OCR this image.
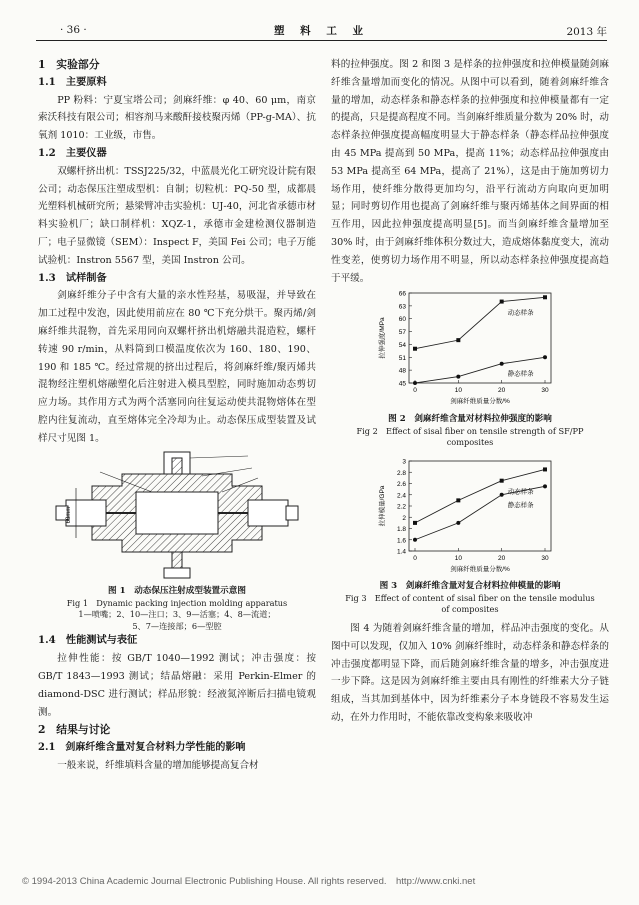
· 36 ·	塑 料 工 业	2013 年

1　实验部分

1.1　主要原料

PP 粉料：宁夏宝塔公司；剑麻纤维：φ 40、60 μm，南京索沃科技有限公司；相容剂马来酸酐接枝聚丙烯（PP-g-MA）、抗氧剂 1010：工业级，市售。

1.2　主要仪器

双螺杆挤出机：TSSJ225/32，中蓝晨光化工研究设计院有限公司；动态保压注塑成型机：自制；切粒机：PQ-50 型，成都晨光塑料机械研究所；悬梁臂冲击实验机：UJ-40，河北省承德市材料实验机厂；缺口制样机：XQZ-1，承德市金建检测仪器制造厂；电子显微镜（SEM）：Inspect F，美国 Fei 公司；电子万能试验机：Instron 5567 型，美国 Instron 公司。

1.3　试样制备

剑麻纤维分子中含有大量的亲水性羟基，易吸湿，并导致在加工过程中发泡，因此使用前应在 80 ℃下充分烘干。聚丙烯/剑麻纤维共混物，首先采用同向双螺杆挤出机熔融共混造粒，螺杆转速 90 r/min，从料筒到口模温度依次为 160、180、190、190 和 185 ℃。经过常规的挤出过程后，将剑麻纤维/聚丙烯共混物经注塑机熔融塑化后注射进入模具型腔，同时施加动态剪切应力场。其作用方式为两个活塞同向往复运动使共混物熔体在型腔内往复流动，直至熔体完全冷却为止。动态保压成型装置及试样尺寸见图 1。

68mm
图 1　动态保压注射成型装置示意图
Fig 1　Dynamic packing injection molding apparatus
1—喷嘴；2、10—注口；3、9—活塞；4、8—流道；
5、7—连接部；6—型腔

1.4　性能测试与表征

拉伸性能：按 GB/T 1040—1992 测试；冲击强度：按 GB/T 1843—1993 测试；结晶熔融：采用 Perkin-Elmer 的 diamond-DSC 进行测试；样品形貌：经液氮淬断后扫描电镜观测。

2　结果与讨论

2.1　剑麻纤维含量对复合材料力学性能的影响

一般来说，纤维填料含量的增加能够提高复合材

料的拉伸强度。图 2 和图 3 是样条的拉伸强度和拉伸模量随剑麻纤维含量增加而变化的情况。从图中可以看到，随着剑麻纤维含量的增加，动态样条和静态样条的拉伸强度和拉伸模量都有一定的提高，只是提高程度不同。当剑麻纤维质量分数为 20% 时，动态样条拉伸强度提高幅度明显大于静态样条（静态样品拉伸强度由 45 MPa 提高到 50 MPa，提高 11%；动态样品拉伸强度由 53 MPa 提高至 64 MPa，提高了 21%），这是由于施加剪切力场作用，使纤维分散得更加均匀，沿平行流动方向取向更加明显；同时剪切作用也提高了剑麻纤维与聚丙烯基体之间界面的相互作用，因此拉伸强度提高明显[5]。而当剑麻纤维含量增加至 30% 时，由于剑麻纤维体积分数过大，造成熔体黏度变大，流动性变差，使剪切力场作用不明显，所以动态样条拉伸强度提高趋于平缓。

45
48
51
54
57
60
63
66
0	10	20	30
剑麻纤维质量分数/%
拉伸强度/MPa
动态样条
静态样条
图 2　剑麻纤维含量对材料拉伸强度的影响
Fig 2　Effect of sisal fiber on tensile strength of SF/PP
composites
1.4
1.6
1.8
2
2.2
2.4
2.6
2.8
3
0	10	20	30
剑麻纤维质量分数/%
拉伸模量/GPa	动态样条
静态样条
图 3　剑麻纤维含量对复合材料拉伸模量的影响
Fig 3　Effect of content of sisal fiber on the tensile modulus
of composites

图 4 为随着剑麻纤维含量的增加，样品冲击强度的变化。从图中可以发现，仅加入 10% 剑麻纤维时，动态样条和静态样条的冲击强度都明显下降，而后随剑麻纤维含量的增多，冲击强度进一步下降。这是因为剑麻纤维主要由具有刚性的纤维素大分子链组成，当其加到基体中，因为纤维素分子本身链段不容易发生运动，在外力作用时，不能依靠改变构象来吸收冲

© 1994-2013 China Academic Journal Electronic Publishing House. All rights reserved.　http://www.cnki.net
